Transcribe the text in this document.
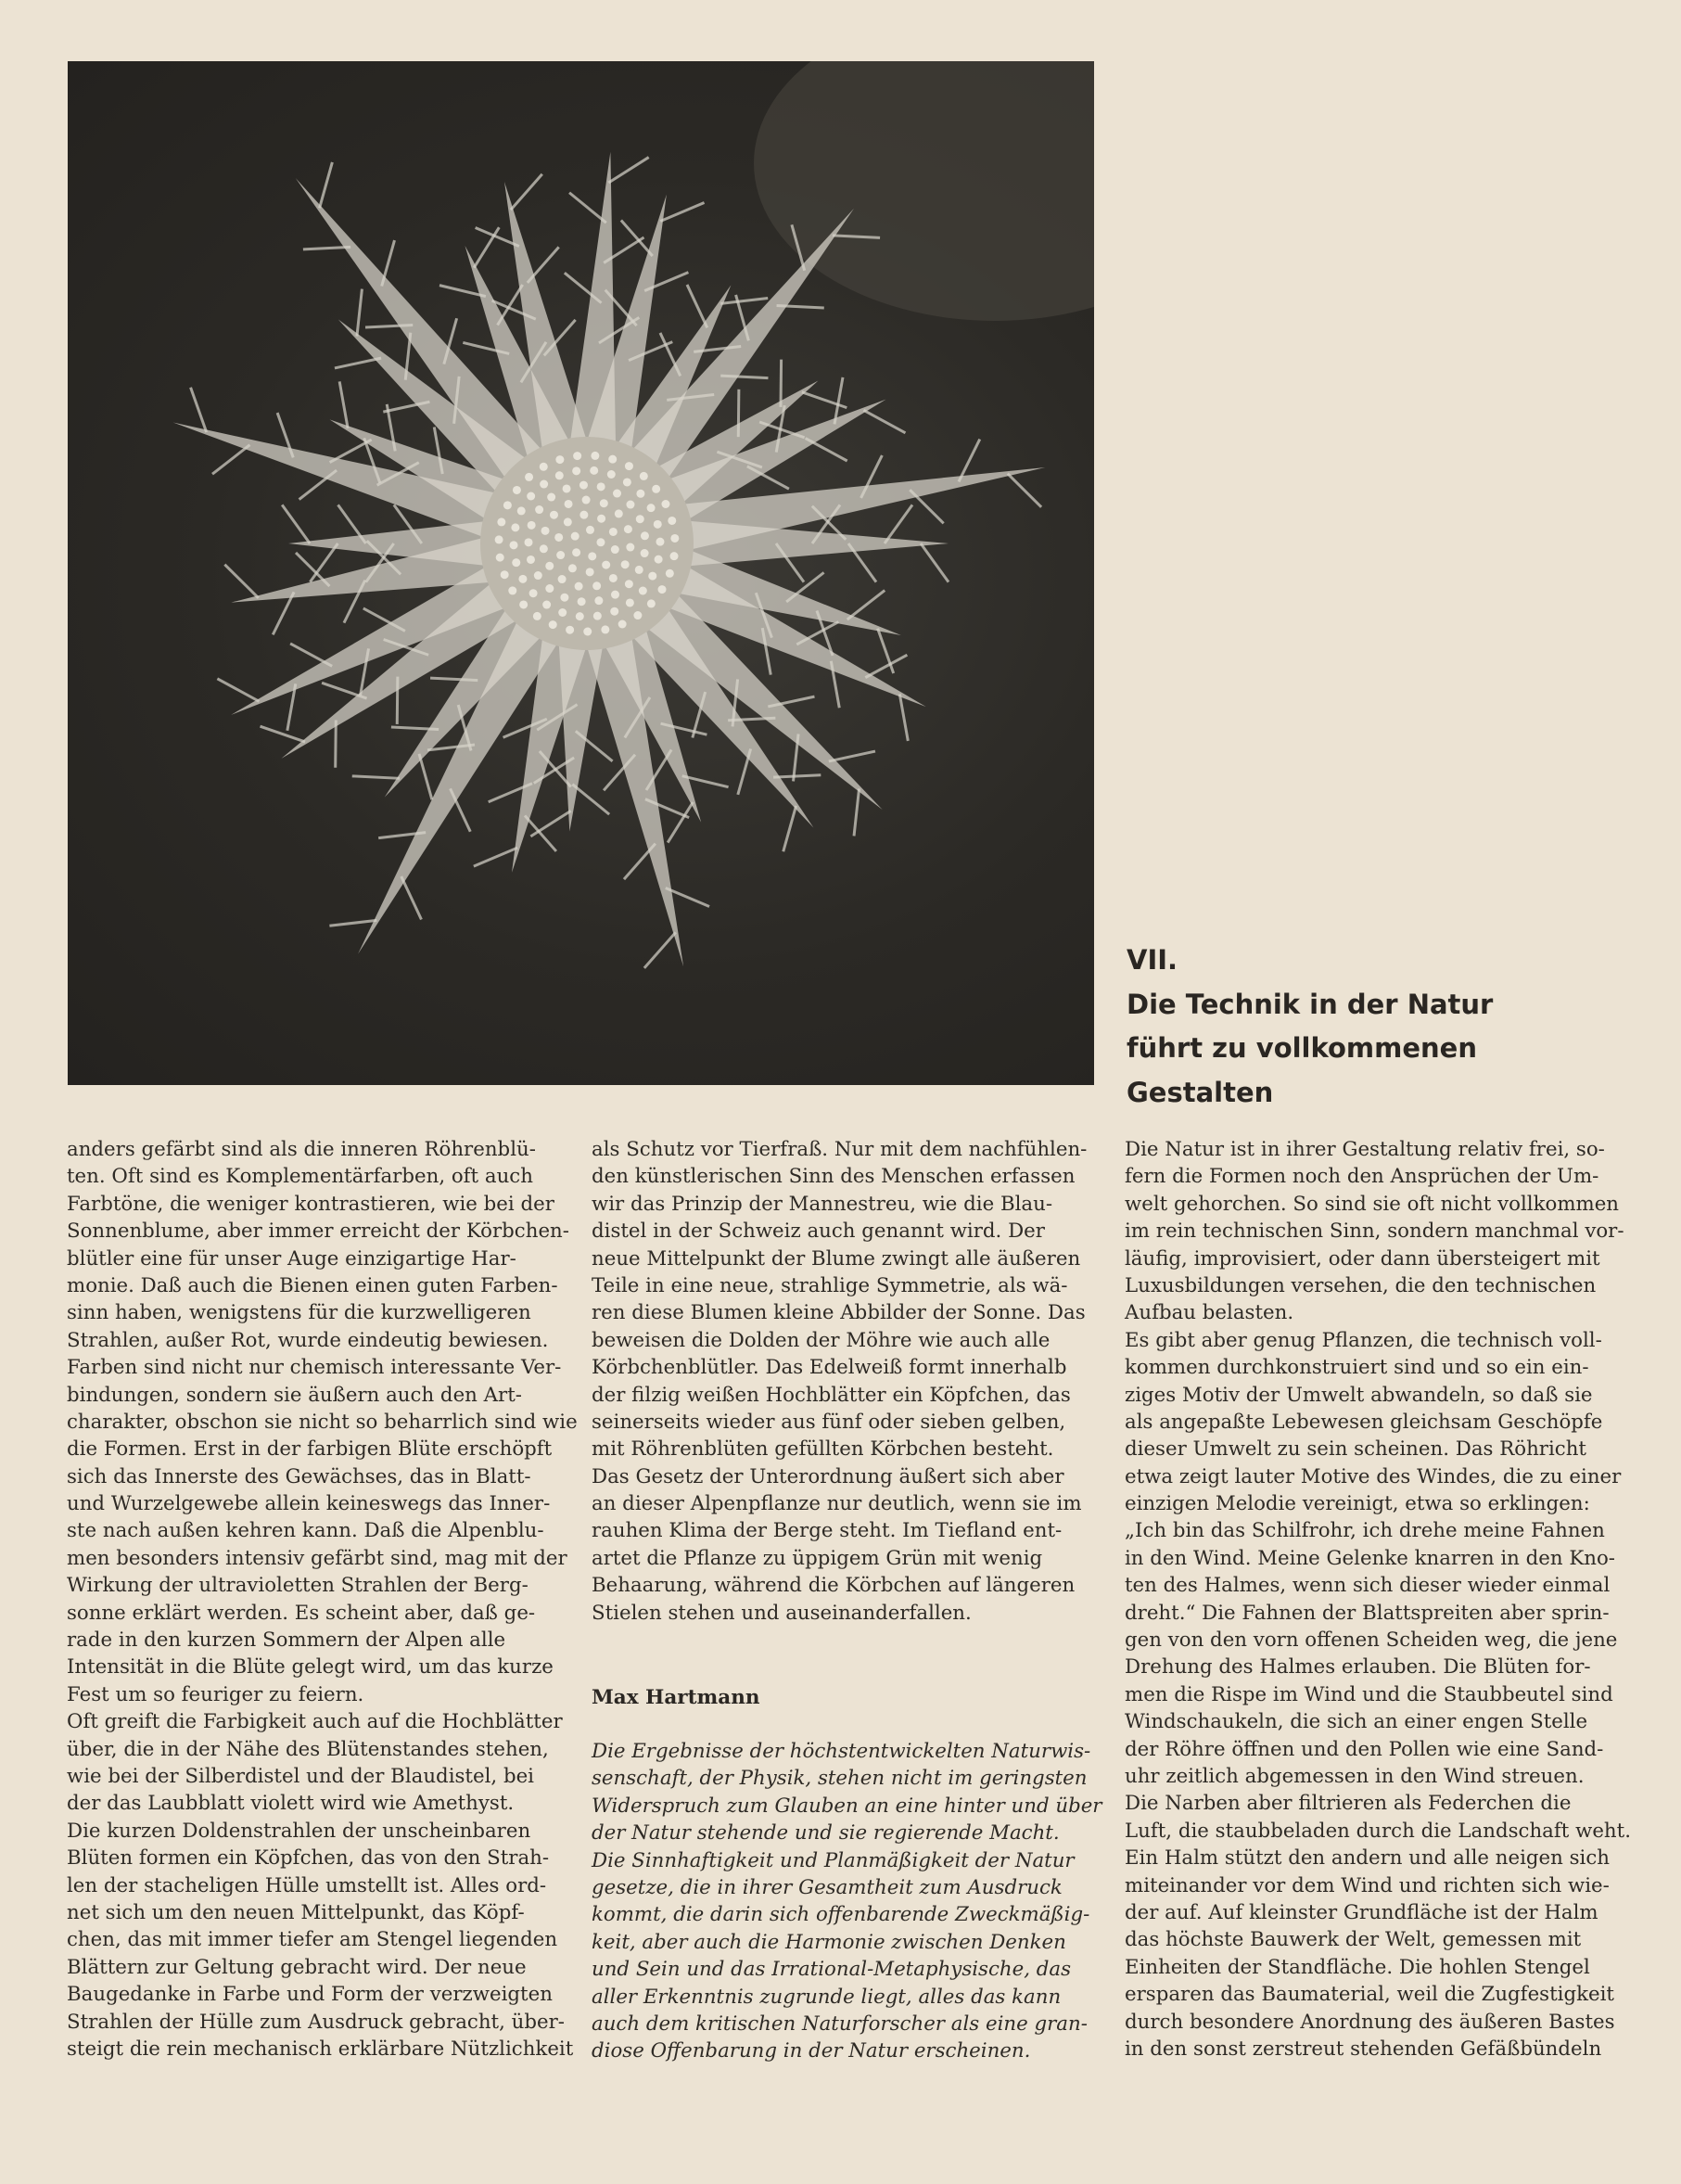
VII.
Die Technik in der Natur
führt zu vollkommenen
Gestalten
anders gefärbt sind als die inneren Röhrenblü-
ten. Oft sind es Komplementärfarben, oft auch
Farbtöne, die weniger kontrastieren, wie bei der
Sonnenblume, aber immer erreicht der Körbchen-
blütler eine für unser Auge einzigartige Har-
monie. Daß auch die Bienen einen guten Farben-
sinn haben, wenigstens für die kurzwelligeren
Strahlen, außer Rot, wurde eindeutig bewiesen.
Farben sind nicht nur chemisch interessante Ver-
bindungen, sondern sie äußern auch den Art-
charakter, obschon sie nicht so beharrlich sind wie
die Formen. Erst in der farbigen Blüte erschöpft
sich das Innerste des Gewächses, das in Blatt-
und Wurzelgewebe allein keineswegs das Inner-
ste nach außen kehren kann. Daß die Alpenblu-
men besonders intensiv gefärbt sind, mag mit der
Wirkung der ultravioletten Strahlen der Berg-
sonne erklärt werden. Es scheint aber, daß ge-
rade in den kurzen Sommern der Alpen alle
Intensität in die Blüte gelegt wird, um das kurze
Fest um so feuriger zu feiern.
Oft greift die Farbigkeit auch auf die Hochblätter
über, die in der Nähe des Blütenstandes stehen,
wie bei der Silberdistel und der Blaudistel, bei
der das Laubblatt violett wird wie Amethyst.
Die kurzen Doldenstrahlen der unscheinbaren
Blüten formen ein Köpfchen, das von den Strah-
len der stacheligen Hülle umstellt ist. Alles ord-
net sich um den neuen Mittelpunkt, das Köpf-
chen, das mit immer tiefer am Stengel liegenden
Blättern zur Geltung gebracht wird. Der neue
Baugedanke in Farbe und Form der verzweigten
Strahlen der Hülle zum Ausdruck gebracht, über-
steigt die rein mechanisch erklärbare Nützlichkeit
als Schutz vor Tierfraß. Nur mit dem nachfühlen-
den künstlerischen Sinn des Menschen erfassen
wir das Prinzip der Mannestreu, wie die Blau-
distel in der Schweiz auch genannt wird. Der
neue Mittelpunkt der Blume zwingt alle äußeren
Teile in eine neue, strahlige Symmetrie, als wä-
ren diese Blumen kleine Abbilder der Sonne. Das
beweisen die Dolden der Möhre wie auch alle
Körbchenblütler. Das Edelweiß formt innerhalb
der filzig weißen Hochblätter ein Köpfchen, das
seinerseits wieder aus fünf oder sieben gelben,
mit Röhrenblüten gefüllten Körbchen besteht.
Das Gesetz der Unterordnung äußert sich aber
an dieser Alpenpflanze nur deutlich, wenn sie im
rauhen Klima der Berge steht. Im Tiefland ent-
artet die Pflanze zu üppigem Grün mit wenig
Behaarung, während die Körbchen auf längeren
Stielen stehen und auseinanderfallen.
Max Hartmann
Die Ergebnisse der höchstentwickelten Naturwis-
senschaft, der Physik, stehen nicht im geringsten
Widerspruch zum Glauben an eine hinter und über
der Natur stehende und sie regierende Macht.
Die Sinnhaftigkeit und Planmäßigkeit der Natur
gesetze, die in ihrer Gesamtheit zum Ausdruck
kommt, die darin sich offenbarende Zweckmäßig-
keit, aber auch die Harmonie zwischen Denken
und Sein und das Irrational-Metaphysische, das
aller Erkenntnis zugrunde liegt, alles das kann
auch dem kritischen Naturforscher als eine gran-
diose Offenbarung in der Natur erscheinen.
Die Natur ist in ihrer Gestaltung relativ frei, so-
fern die Formen noch den Ansprüchen der Um-
welt gehorchen. So sind sie oft nicht vollkommen
im rein technischen Sinn, sondern manchmal vor-
läufig, improvisiert, oder dann übersteigert mit
Luxusbildungen versehen, die den technischen
Aufbau belasten.
Es gibt aber genug Pflanzen, die technisch voll-
kommen durchkonstruiert sind und so ein ein-
ziges Motiv der Umwelt abwandeln, so daß sie
als angepaßte Lebewesen gleichsam Geschöpfe
dieser Umwelt zu sein scheinen. Das Röhricht
etwa zeigt lauter Motive des Windes, die zu einer
einzigen Melodie vereinigt, etwa so erklingen:
„Ich bin das Schilfrohr, ich drehe meine Fahnen
in den Wind. Meine Gelenke knarren in den Kno-
ten des Halmes, wenn sich dieser wieder einmal
dreht.“ Die Fahnen der Blattspreiten aber sprin-
gen von den vorn offenen Scheiden weg, die jene
Drehung des Halmes erlauben. Die Blüten for-
men die Rispe im Wind und die Staubbeutel sind
Windschaukeln, die sich an einer engen Stelle
der Röhre öffnen und den Pollen wie eine Sand-
uhr zeitlich abgemessen in den Wind streuen.
Die Narben aber filtrieren als Federchen die
Luft, die staubbeladen durch die Landschaft weht.
Ein Halm stützt den andern und alle neigen sich
miteinander vor dem Wind und richten sich wie-
der auf. Auf kleinster Grundfläche ist der Halm
das höchste Bauwerk der Welt, gemessen mit
Einheiten der Standfläche. Die hohlen Stengel
ersparen das Baumaterial, weil die Zugfestigkeit
durch besondere Anordnung des äußeren Bastes
in den sonst zerstreut stehenden Gefäßbündeln
